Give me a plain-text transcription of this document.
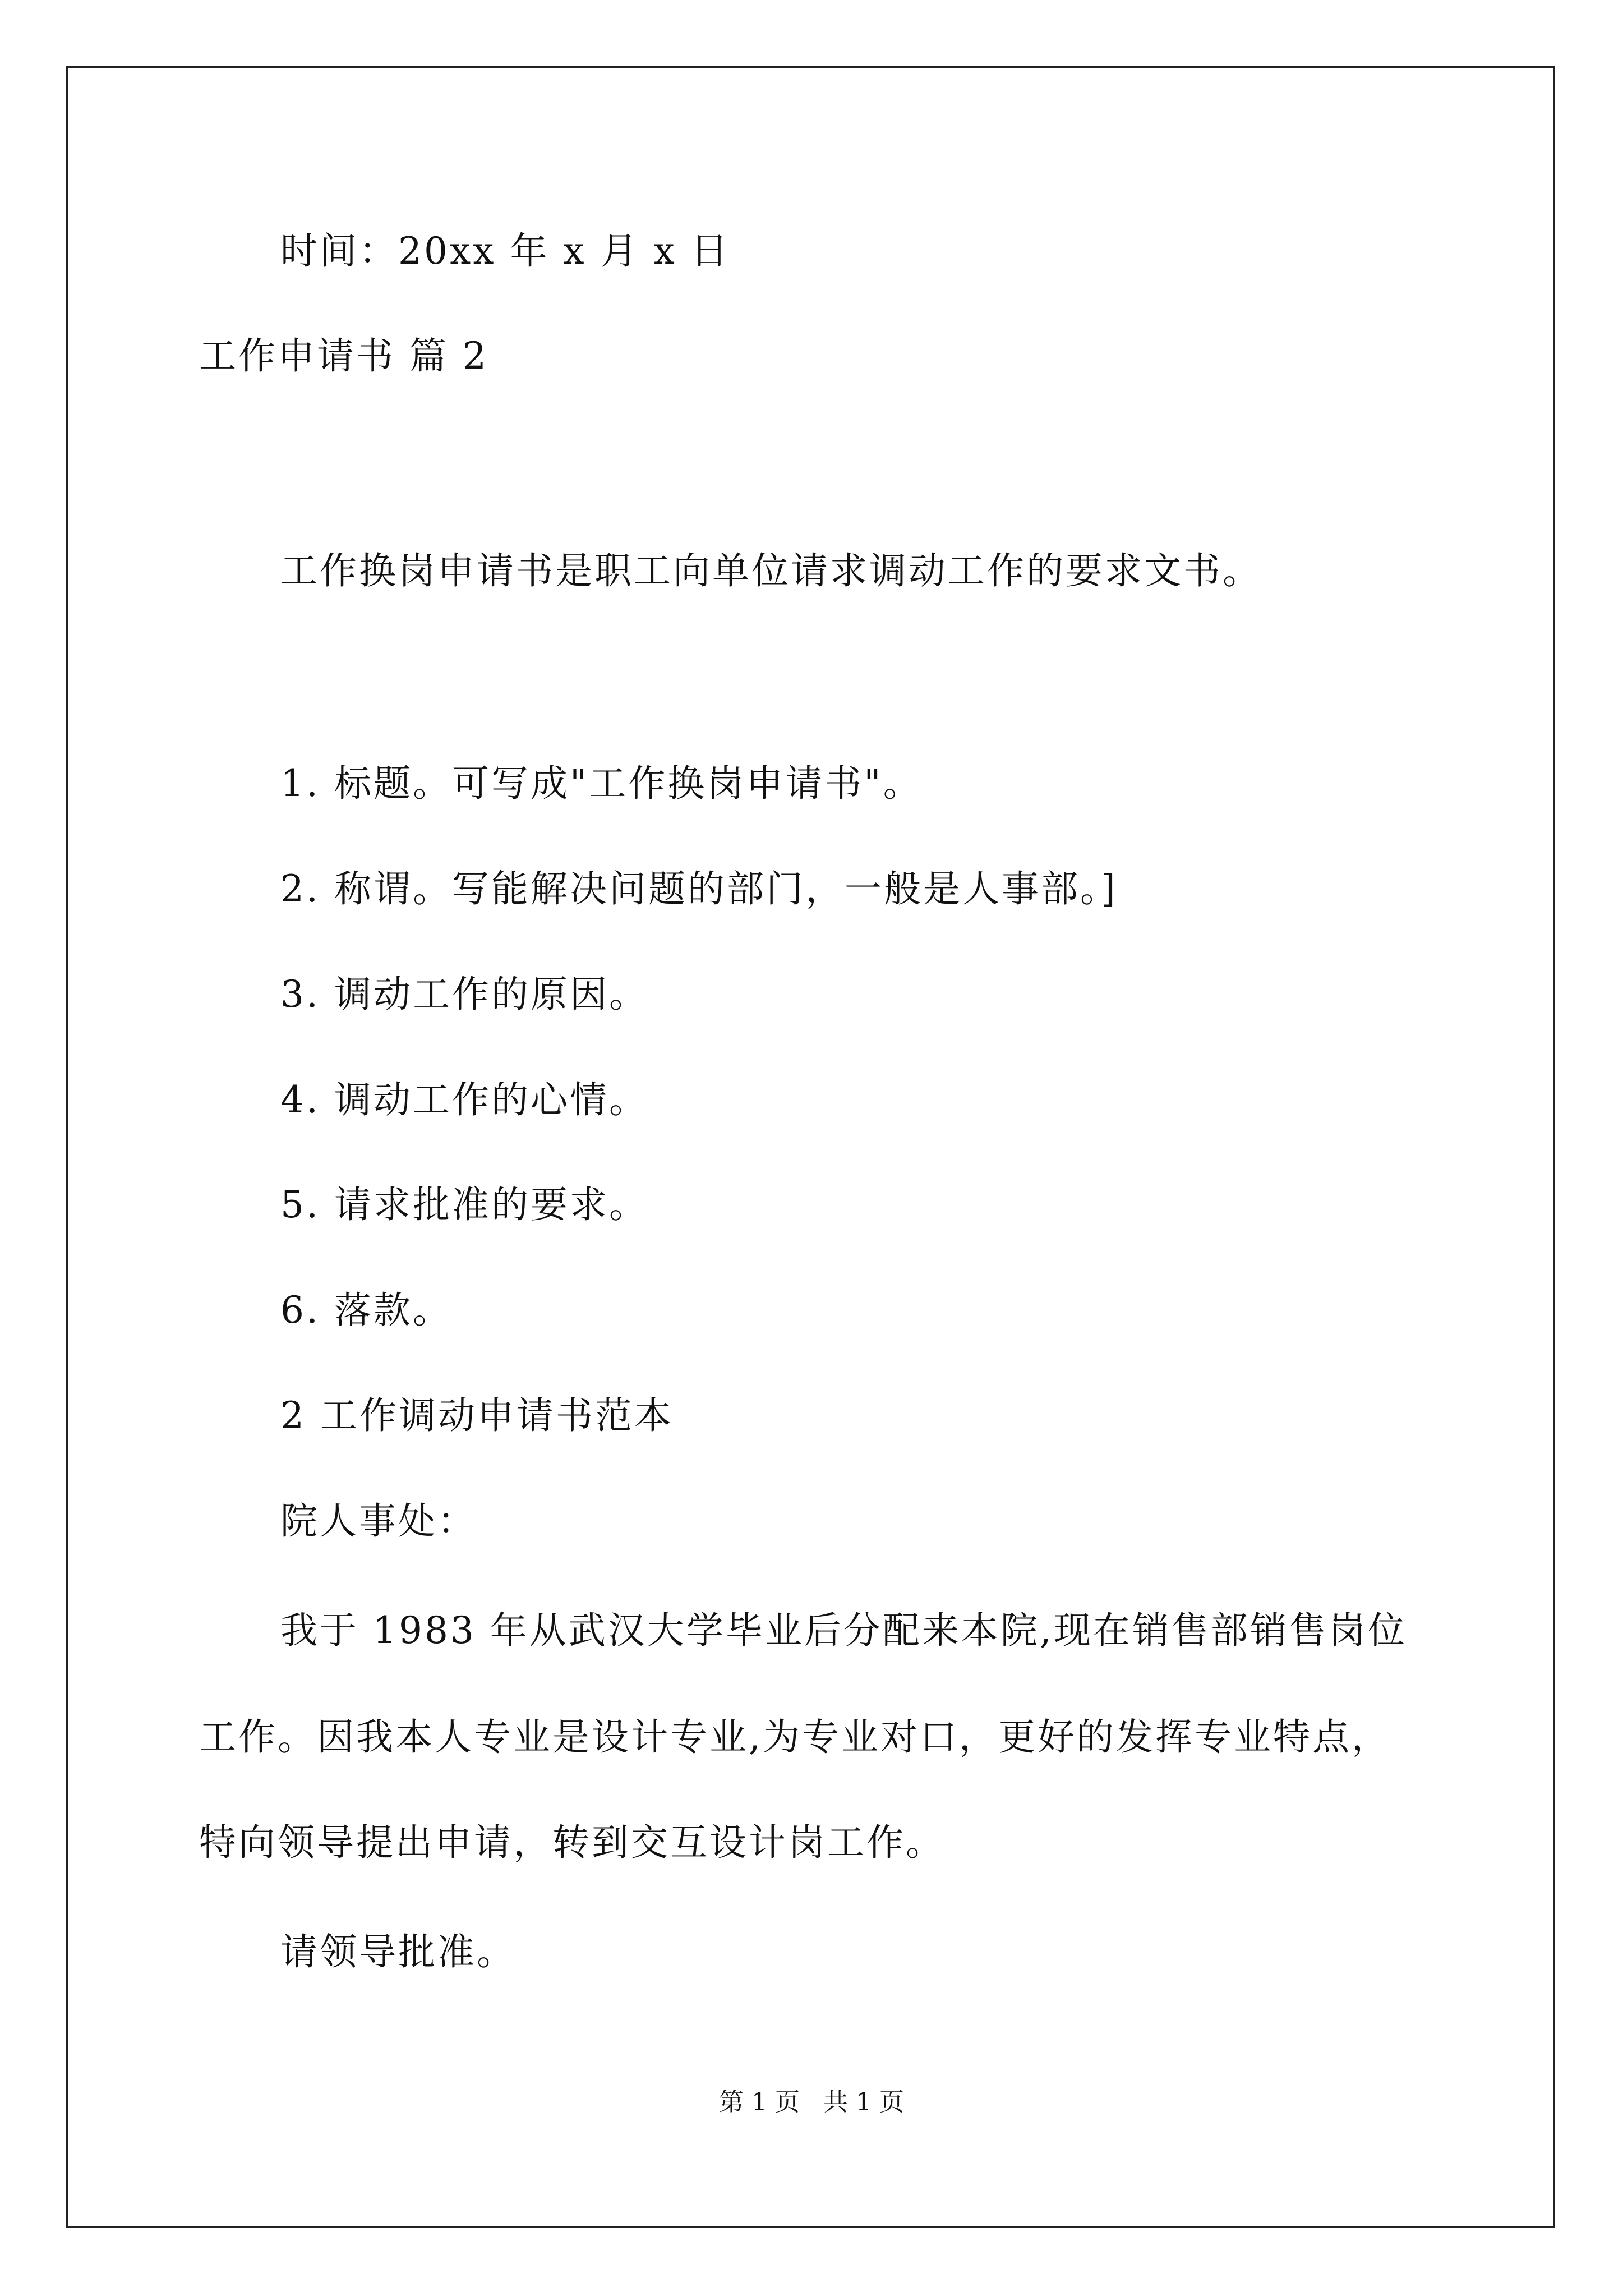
时间：20xx 年 x 月 x 日
工作申请书 篇 2
工作换岗申请书是职工向单位请求调动工作的要求文书。
1. 标题。可写成"工作换岗申请书"。
2. 称谓。写能解决问题的部门，一般是人事部。]
3. 调动工作的原因。
4. 调动工作的心情。
5. 请求批准的要求。
6. 落款。
2 工作调动申请书范本
院人事处：
我于 1983 年从武汉大学毕业后分配来本院,现在销售部销售岗位
工作。因我本人专业是设计专业,为专业对口，更好的发挥专业特点，
特向领导提出申请，转到交互设计岗工作。
请领导批准。
第 1 页   共 1 页
